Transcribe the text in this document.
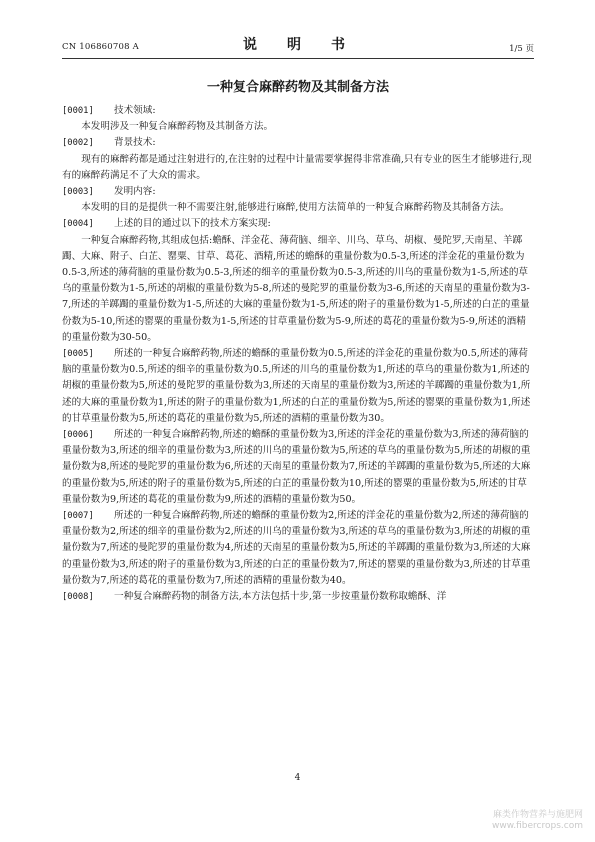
CN 106860708 A	说　明　书	1/5 页
一种复合麻醉药物及其制备方法
[0001]	技术领域:
本发明涉及一种复合麻醉药物及其制备方法。
[0002]	背景技术:
现有的麻醉药都是通过注射进行的,在注射的过程中计量需要掌握得非常准确,只有专业的医生才能够进行,现有的麻醉药满足不了大众的需求。
[0003]	发明内容:
本发明的目的是提供一种不需要注射,能够进行麻醉,使用方法简单的一种复合麻醉药物及其制备方法。
[0004]	上述的目的通过以下的技术方案实现:
一种复合麻醉药物,其组成包括:蟾酥、洋金花、薄荷脑、细辛、川乌、草乌、胡椒、曼陀罗,天南星、羊踯躅、大麻、附子、白芷、罂粟、甘草、葛花、酒精,所述的蟾酥的重量份数为0.5-3,所述的洋金花的重量份数为0.5-3,所述的薄荷脑的重量份数为0.5-3,所述的细辛的重量份数为0.5-3,所述的川乌的重量份数为1-5,所述的草乌的重量份数为1-5,所述的胡椒的重量份数为5-8,所述的曼陀罗的重量份数为3-6,所述的天南星的重量份数为3-7,所述的羊踯躅的重量份数为1-5,所述的大麻的重量份数为1-5,所述的附子的重量份数为1-5,所述的白芷的重量份数为5-10,所述的罂粟的重量份数为1-5,所述的甘草重量份数为5-9,所述的葛花的重量份数为5-9,所述的酒精的重量份数为30-50。
[0005]	所述的一种复合麻醉药物,所述的蟾酥的重量份数为0.5,所述的洋金花的重量份数为0.5,所述的薄荷脑的重量份数为0.5,所述的细辛的重量份数为0.5,所述的川乌的重量份数为1,所述的草乌的重量份数为1,所述的胡椒的重量份数为5,所述的曼陀罗的重量份数为3,所述的天南星的重量份数为3,所述的羊踯躅的重量份数为1,所述的大麻的重量份数为1,所述的附子的重量份数为1,所述的白芷的重量份数为5,所述的罂粟的重量份数为1,所述的甘草重量份数为5,所述的葛花的重量份数为5,所述的酒精的重量份数为30。
[0006]	所述的一种复合麻醉药物,所述的蟾酥的重量份数为3,所述的洋金花的重量份数为3,所述的薄荷脑的重量份数为3,所述的细辛的重量份数为3,所述的川乌的重量份数为5,所述的草乌的重量份数为5,所述的胡椒的重量份数为8,所述的曼陀罗的重量份数为6,所述的天南星的重量份数为7,所述的羊踯躅的重量份数为5,所述的大麻的重量份数为5,所述的附子的重量份数为5,所述的白芷的重量份数为10,所述的罂粟的重量份数为5,所述的甘草重量份数为9,所述的葛花的重量份数为9,所述的酒精的重量份数为50。
[0007]	所述的一种复合麻醉药物,所述的蟾酥的重量份数为2,所述的洋金花的重量份数为2,所述的薄荷脑的重量份数为2,所述的细辛的重量份数为2,所述的川乌的重量份数为3,所述的草乌的重量份数为3,所述的胡椒的重量份数为7,所述的曼陀罗的重量份数为4,所述的天南星的重量份数为5,所述的羊踯躅的重量份数为3,所述的大麻的重量份数为3,所述的附子的重量份数为3,所述的白芷的重量份数为7,所述的罂粟的重量份数为3,所述的甘草重量份数为7,所述的葛花的重量份数为7,所述的酒精的重量份数为40。
[0008]	一种复合麻醉药物的制备方法,本方法包括十步,第一步按重量份数称取蟾酥、洋
4
麻类作物营养与施肥网
www.fibercrops.com
